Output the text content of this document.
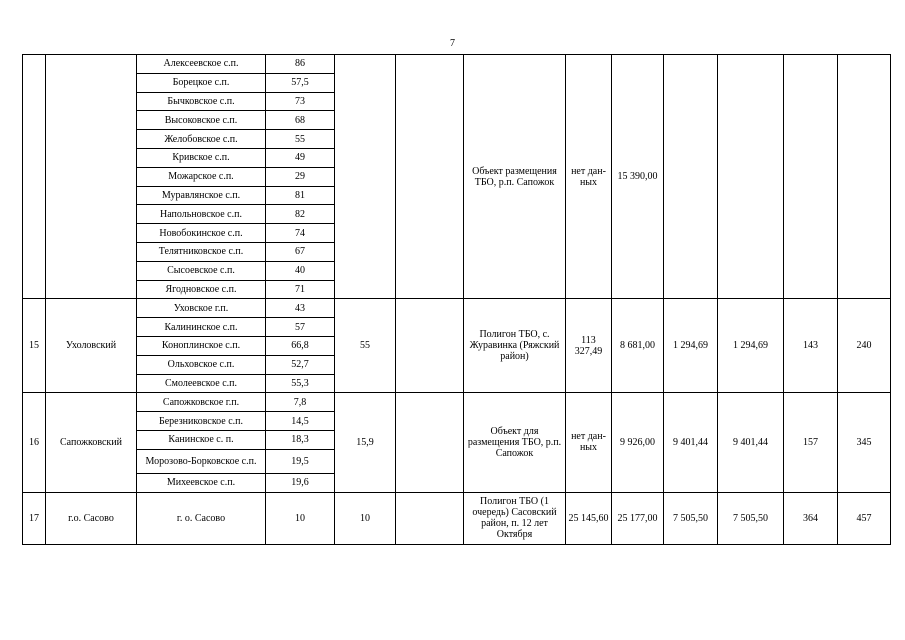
7
		Алексеевское с.п.	86			Объект размещения ТБО, р.п. Сапожок	нет дан-ных	15 390,00				
		Борецкое с.п.	57,5									
		Бычковское с.п.	73									
		Высоковское с.п.	68									
		Желобовское с.п.	55									
		Кривское с.п.	49									
		Можарское с.п.	29									
		Муравлянское с.п.	81									
		Напольновское с.п.	82									
		Новобокинское с.п.	74									
		Телятниковское с.п.	67									
		Сысоевское с.п.	40									
		Ягодновское с.п.	71									
15	Ухоловский	Уховское г.п.	43	55		Полигон ТБО, с. Журавинка (Ряжский район)	113 327,49	8 681,00	1 294,69	1 294,69	143	240
		Калининское с.п.	57									
		Коноплинское с.п.	66,8									
		Ольховское с.п.	52,7									
		Смолеевское с.п.	55,3									
16	Сапожковский	Сапожковское г.п.	7,8	15,9		Объект для размещения ТБО, р.п. Сапожок	нет дан-ных	9 926,00	9 401,44	9 401,44	157	345
		Березниковское с.п.	14,5									
		Канинское с. п.	18,3									
		Морозово-Борковское с.п.	19,5									
		Михеевское с.п.	19,6									
17	г.о. Сасово	г. о. Сасово	10	10		Полигон ТБО (1 очередь) Сасовский район, п. 12 лет Октября	25 145,60	25 177,00	7 505,50	7 505,50	364	457
